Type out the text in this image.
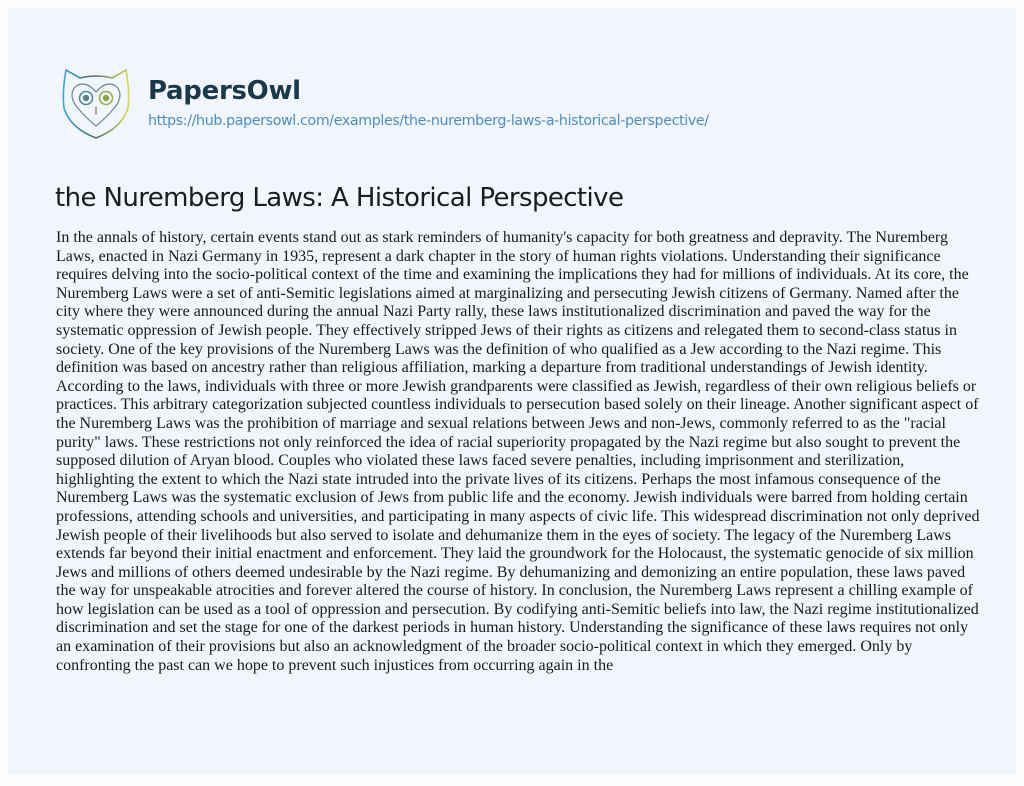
PapersOwl
https://hub.papersowl.com/examples/the-nuremberg-laws-a-historical-perspective/
the Nuremberg Laws: A Historical Perspective
In the annals of history, certain events stand out as stark reminders of humanity's capacity for both greatness and depravity. The Nuremberg
Laws, enacted in Nazi Germany in 1935, represent a dark chapter in the story of human rights violations. Understanding their significance
requires delving into the socio-political context of the time and examining the implications they had for millions of individuals. At its core, the
Nuremberg Laws were a set of anti-Semitic legislations aimed at marginalizing and persecuting Jewish citizens of Germany. Named after the
city where they were announced during the annual Nazi Party rally, these laws institutionalized discrimination and paved the way for the
systematic oppression of Jewish people. They effectively stripped Jews of their rights as citizens and relegated them to second-class status in
society. One of the key provisions of the Nuremberg Laws was the definition of who qualified as a Jew according to the Nazi regime. This
definition was based on ancestry rather than religious affiliation, marking a departure from traditional understandings of Jewish identity.
According to the laws, individuals with three or more Jewish grandparents were classified as Jewish, regardless of their own religious beliefs or
practices. This arbitrary categorization subjected countless individuals to persecution based solely on their lineage. Another significant aspect of
the Nuremberg Laws was the prohibition of marriage and sexual relations between Jews and non-Jews, commonly referred to as the "racial
purity" laws. These restrictions not only reinforced the idea of racial superiority propagated by the Nazi regime but also sought to prevent the
supposed dilution of Aryan blood. Couples who violated these laws faced severe penalties, including imprisonment and sterilization,
highlighting the extent to which the Nazi state intruded into the private lives of its citizens. Perhaps the most infamous consequence of the
Nuremberg Laws was the systematic exclusion of Jews from public life and the economy. Jewish individuals were barred from holding certain
professions, attending schools and universities, and participating in many aspects of civic life. This widespread discrimination not only deprived
Jewish people of their livelihoods but also served to isolate and dehumanize them in the eyes of society. The legacy of the Nuremberg Laws
extends far beyond their initial enactment and enforcement. They laid the groundwork for the Holocaust, the systematic genocide of six million
Jews and millions of others deemed undesirable by the Nazi regime. By dehumanizing and demonizing an entire population, these laws paved
the way for unspeakable atrocities and forever altered the course of history. In conclusion, the Nuremberg Laws represent a chilling example of
how legislation can be used as a tool of oppression and persecution. By codifying anti-Semitic beliefs into law, the Nazi regime institutionalized
discrimination and set the stage for one of the darkest periods in human history. Understanding the significance of these laws requires not only
an examination of their provisions but also an acknowledgment of the broader socio-political context in which they emerged. Only by
confronting the past can we hope to prevent such injustices from occurring again in the
